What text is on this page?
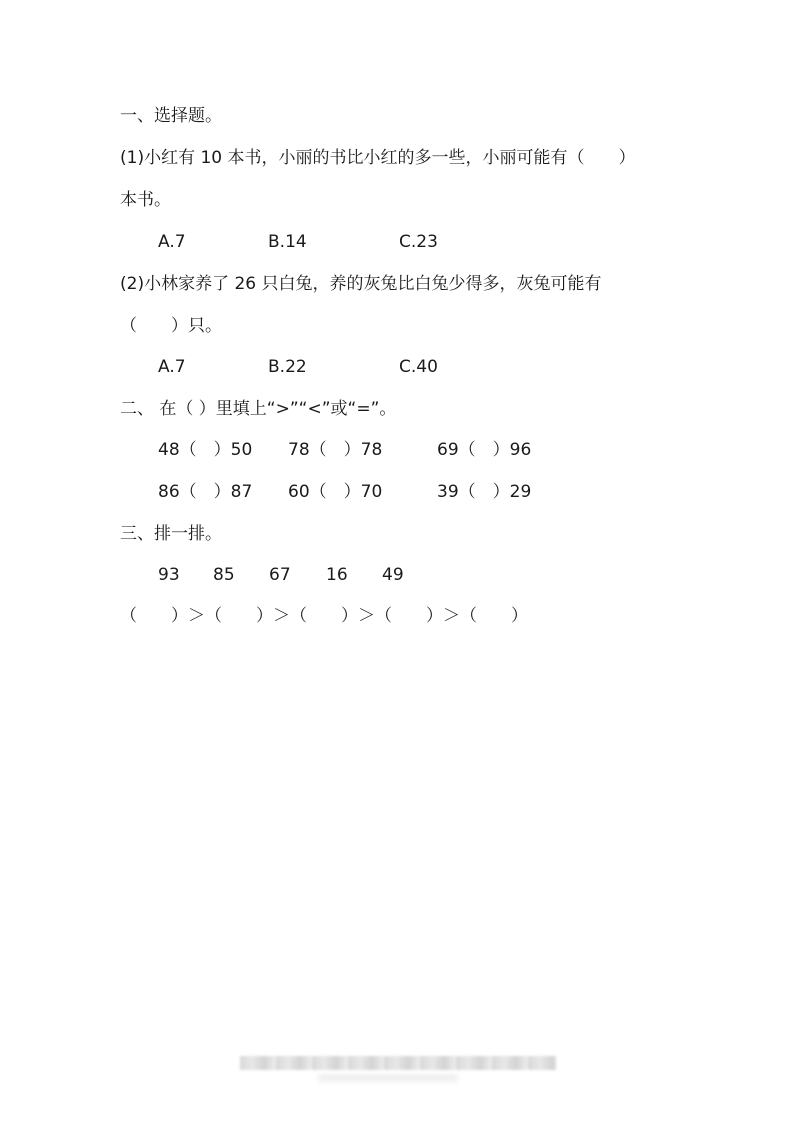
一、选择题。
(1)小红有 10 本书，小丽的书比小红的多一些，小丽可能有（　　）
本书。
A.7	B.14	C.23
(2)小林家养了 26 只白兔，养的灰兔比白兔少得多，灰兔可能有
（　　）只。
A.7	B.22	C.40
二、 在（ ）里填上“>”“<”或“=”。
48（　）50 78（　）78	69（　）96
86（　）87 60（　）70	39（　）29
三、排一排。
93 85 67 16 49
（　　）＞（　　）＞（　　）＞（　　）＞（　　）
